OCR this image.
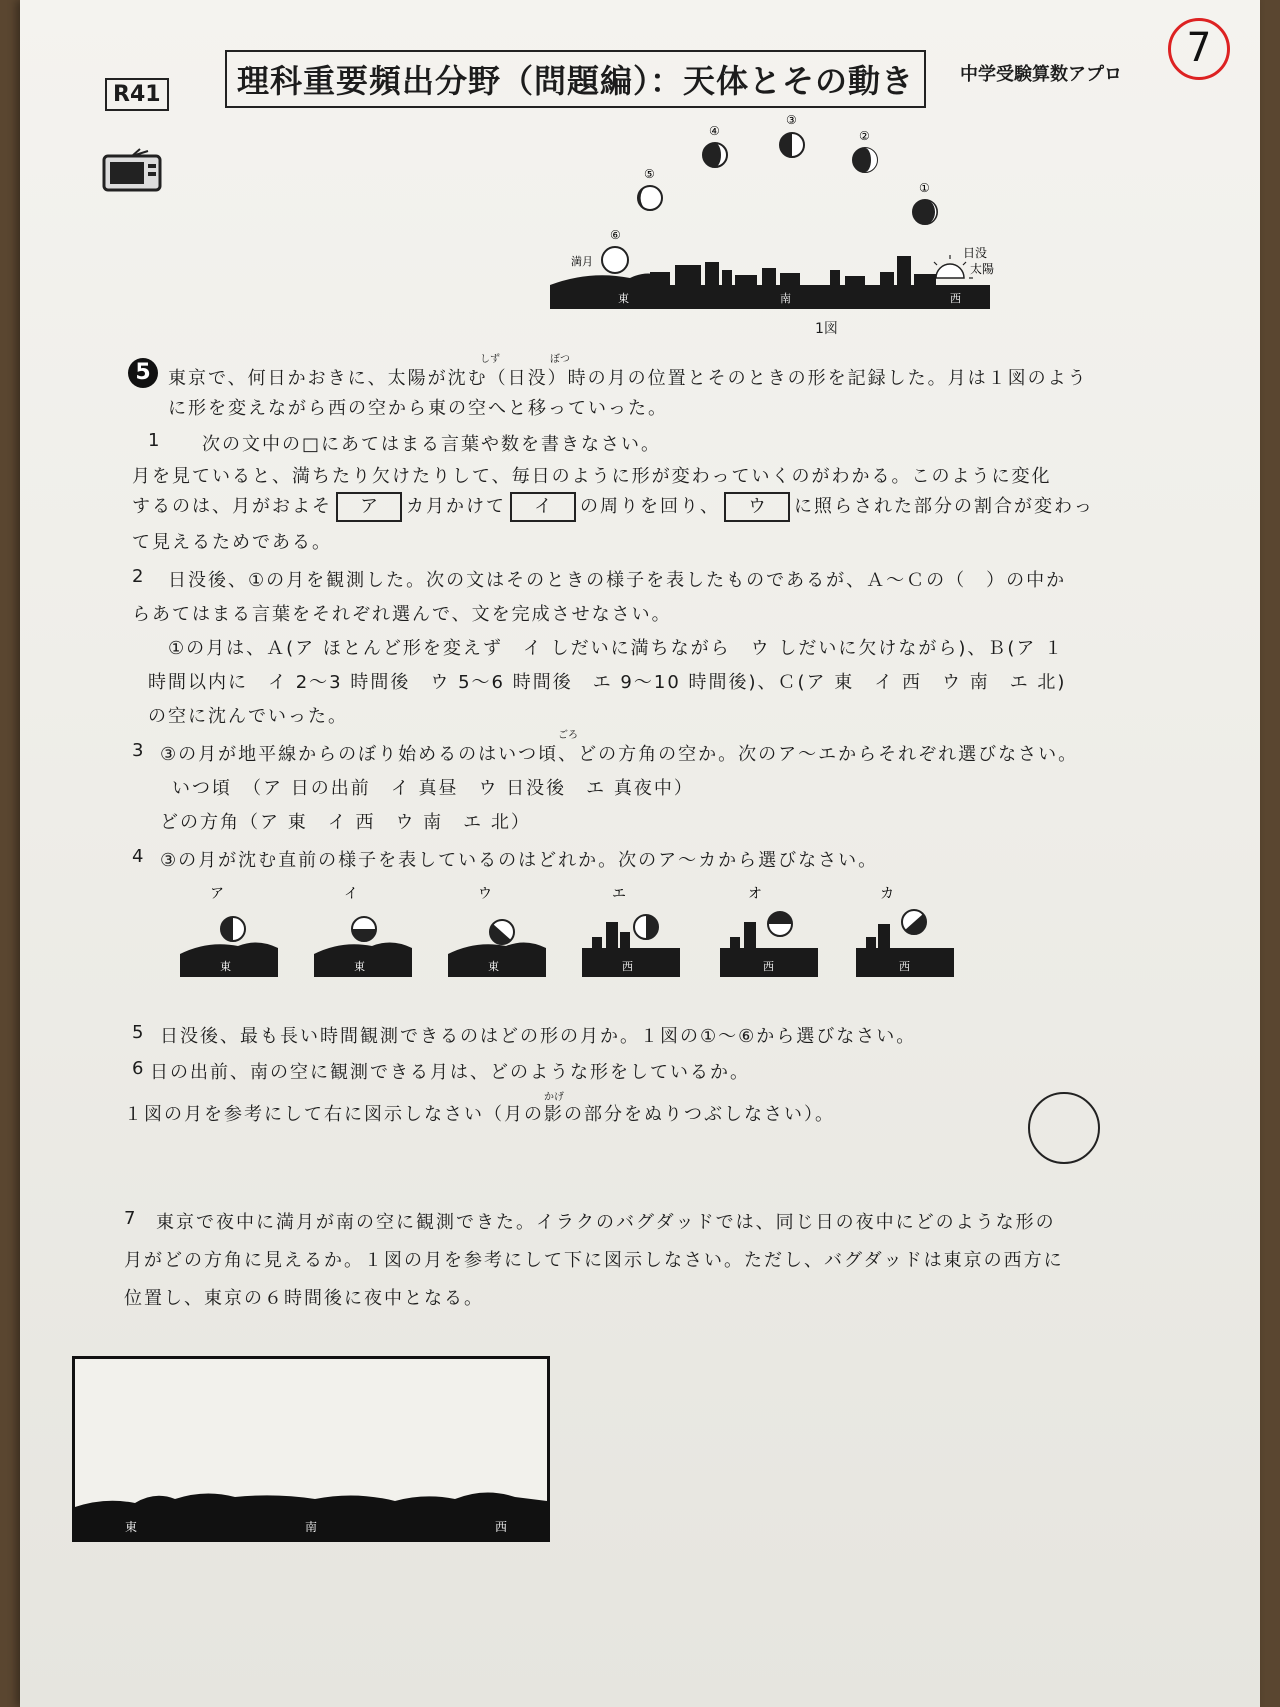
R41	理科重要頻出分野（問題編）：天体とその動き	中学受験算数アプロ
7
⑥
満月
⑤
④
③
②
①
日没
太陽
東	南	西
1図
5
しず	ぼつ
東京で、何日かおきに、太陽が沈む（日没）時の月の位置とそのときの形を記録した。月は１図のよう
に形を変えながら西の空から東の空へと移っていった。
1 次の文中の□にあてはまる言葉や数を書きなさい。
月を見ていると、満ちたり欠けたりして、毎日のように形が変わっていくのがわかる。このように変化
するのは、月がおよそ ア カ月かけて イ の周りを回り、 ウ に照らされた部分の割合が変わっ
て見えるためである。
2 日没後、①の月を観測した。次の文はそのときの様子を表したものであるが、Ａ～Ｃの（　）の中か
らあてはまる言葉をそれぞれ選んで、文を完成させなさい。
①の月は、Ａ(ア ほとんど形を変えず　イ しだいに満ちながら　ウ しだいに欠けながら)、Ｂ(ア １
時間以内に　イ 2～3 時間後　ウ 5～6 時間後　エ 9～10 時間後)、Ｃ(ア 東　イ 西　ウ 南　エ 北)
の空に沈んでいった。
ごろ
3 ③の月が地平線からのぼり始めるのはいつ頃、どの方角の空か。次のア～エからそれぞれ選びなさい。
いつ頃　（ア 日の出前　イ 真昼　ウ 日没後　エ 真夜中）
どの方角（ア 東　イ 西　ウ 南　エ 北）
4 ③の月が沈む直前の様子を表しているのはどれか。次のア～カから選びなさい。
ア
東
イ
東
ウ
東
エ
西
オ
西
カ
西
5 日没後、最も長い時間観測できるのはどの形の月か。１図の①～⑥から選びなさい。
6 日の出前、南の空に観測できる月は、どのような形をしているか。
かげ
１図の月を参考にして右に図示しなさい（月の影の部分をぬりつぶしなさい）。
7 東京で夜中に満月が南の空に観測できた。イラクのバグダッドでは、同じ日の夜中にどのような形の
月がどの方角に見えるか。１図の月を参考にして下に図示しなさい。ただし、バグダッドは東京の西方に
位置し、東京の６時間後に夜中となる。
東	南	西
